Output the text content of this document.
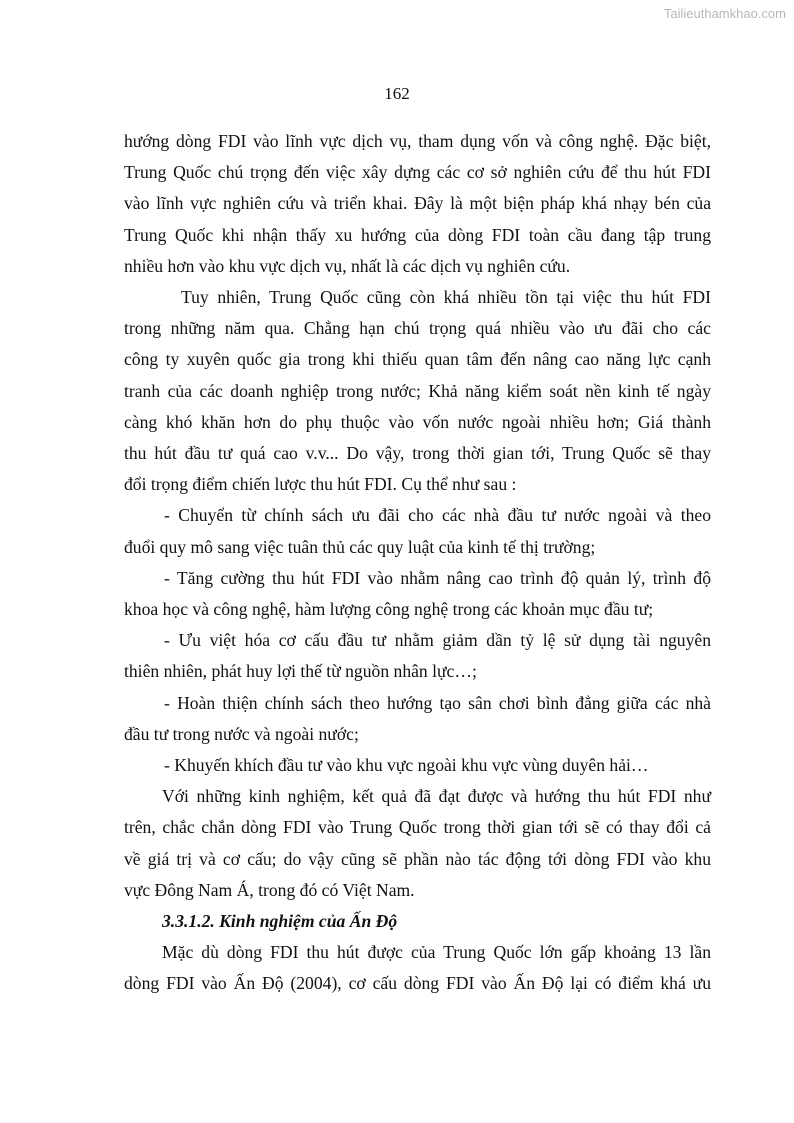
Tailieuthamkhao.com
162

hướng dòng FDI vào lĩnh vực dịch vụ, tham dụng vốn và công nghệ. Đặc biệt,

Trung Quốc chú trọng đến việc xây dựng các cơ sở nghiên cứu để thu hút FDI

vào lĩnh vực nghiên cứu và triển khai. Đây là một biện pháp khá nhạy bén của

Trung Quốc khi nhận thấy xu hướng của dòng FDI toàn cầu đang tập trung

nhiều hơn vào khu vực dịch vụ, nhất là các dịch vụ nghiên cứu.

Tuy nhiên, Trung Quốc cũng còn khá nhiều tồn tại việc thu hút FDI

trong những năm qua. Chẳng hạn chú trọng quá nhiều vào ưu đãi cho các

công ty xuyên quốc gia trong khi thiếu quan tâm đến nâng cao năng lực cạnh

tranh của các doanh nghiệp trong nước; Khả năng kiểm soát nền kinh tế ngày

càng khó khăn hơn do phụ thuộc vào vốn nước ngoài nhiều hơn; Giá thành

thu hút đầu tư quá cao v.v... Do vậy, trong thời gian tới, Trung Quốc sẽ thay

đổi trọng điểm chiến lược thu hút FDI. Cụ thể như sau :

- Chuyển từ chính sách ưu đãi cho các nhà đầu tư nước ngoài và theo

đuổi quy mô sang việc tuân thủ các quy luật của kinh tế thị trường;

- Tăng cường thu hút FDI vào nhằm nâng cao trình độ quản lý, trình độ

khoa học và công nghệ, hàm lượng công nghệ trong các khoản mục đầu tư;

- Ưu việt hóa cơ cấu đầu tư nhằm giảm dần tỷ lệ sử dụng tài nguyên

thiên nhiên, phát huy lợi thế từ nguồn nhân lực…;

- Hoàn thiện chính sách theo hướng tạo sân chơi bình đẳng giữa các nhà

đầu tư trong nước và ngoài nước;

- Khuyến khích đầu tư vào khu vực ngoài khu vực vùng duyên hải…

Với những kinh nghiệm, kết quả đã đạt được và hướng thu hút FDI như

trên, chắc chắn dòng FDI vào Trung Quốc trong thời gian tới sẽ có thay đổi cả

về giá trị và cơ cấu; do vậy cũng sẽ phần nào tác động tới dòng FDI vào khu

vực Đông Nam Á, trong đó có Việt Nam.

3.3.1.2. Kinh nghiệm của Ấn Độ

Mặc dù dòng FDI thu hút được của Trung Quốc lớn gấp khoảng 13 lần

dòng FDI vào Ấn Độ (2004), cơ cấu dòng FDI vào Ấn Độ lại có điểm khá ưu
